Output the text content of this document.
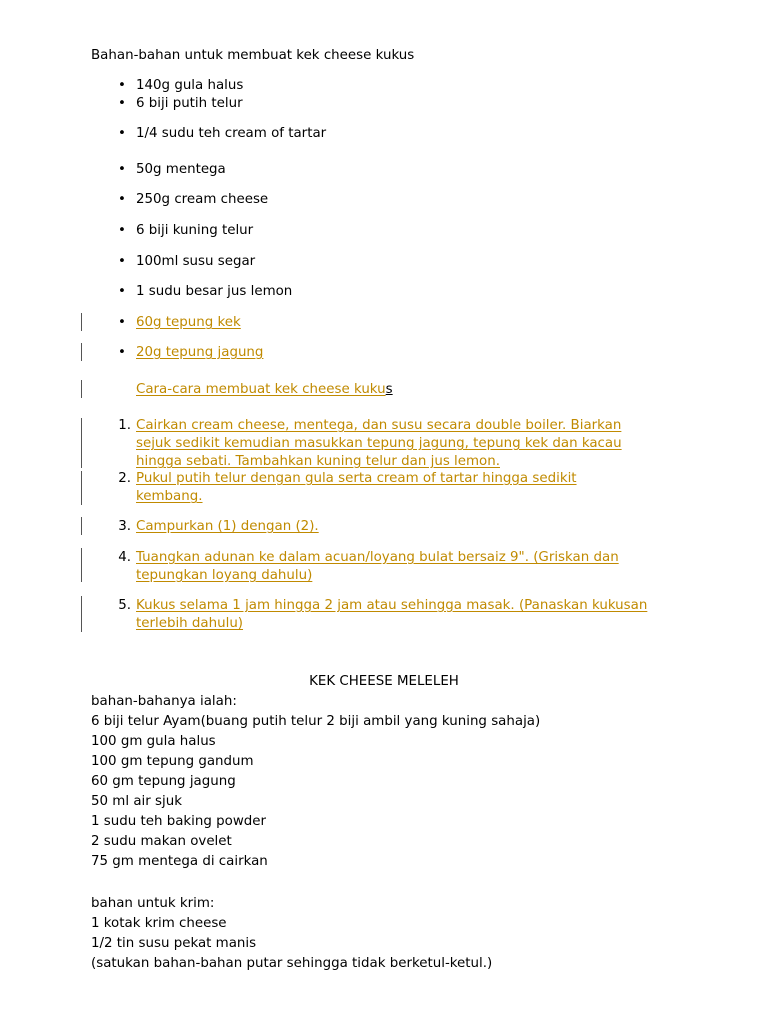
Bahan-bahan untuk membuat kek cheese kukus
• 140g gula halus
• 6 biji putih telur
• 1/4 sudu teh cream of tartar
• 50g mentega
• 250g cream cheese
• 6 biji kuning telur
• 100ml susu segar
• 1 sudu besar jus lemon
• 60g tepung kek
• 20g tepung jagung
Cara-cara membuat kek cheese kukus
1. Cairkan cream cheese, mentega, dan susu secara double boiler. Biarkan
sejuk sedikit kemudian masukkan tepung jagung, tepung kek dan kacau
hingga sebati. Tambahkan kuning telur dan jus lemon.
2. Pukul putih telur dengan gula serta cream of tartar hingga sedikit
kembang.
3. Campurkan (1) dengan (2).
4. Tuangkan adunan ke dalam acuan/loyang bulat bersaiz 9". (Griskan dan
tepungkan loyang dahulu)
5. Kukus selama 1 jam hingga 2 jam atau sehingga masak. (Panaskan kukusan
terlebih dahulu)
KEK CHEESE MELELEH
bahan-bahanya ialah:
6 biji telur Ayam(buang putih telur 2 biji ambil yang kuning sahaja)
100 gm gula halus
100 gm tepung gandum
60 gm tepung jagung
50 ml air sjuk
1 sudu teh baking powder
2 sudu makan ovelet
75 gm mentega di cairkan
bahan untuk krim:
1 kotak krim cheese
1/2 tin susu pekat manis
(satukan bahan-bahan putar sehingga tidak berketul-ketul.)
